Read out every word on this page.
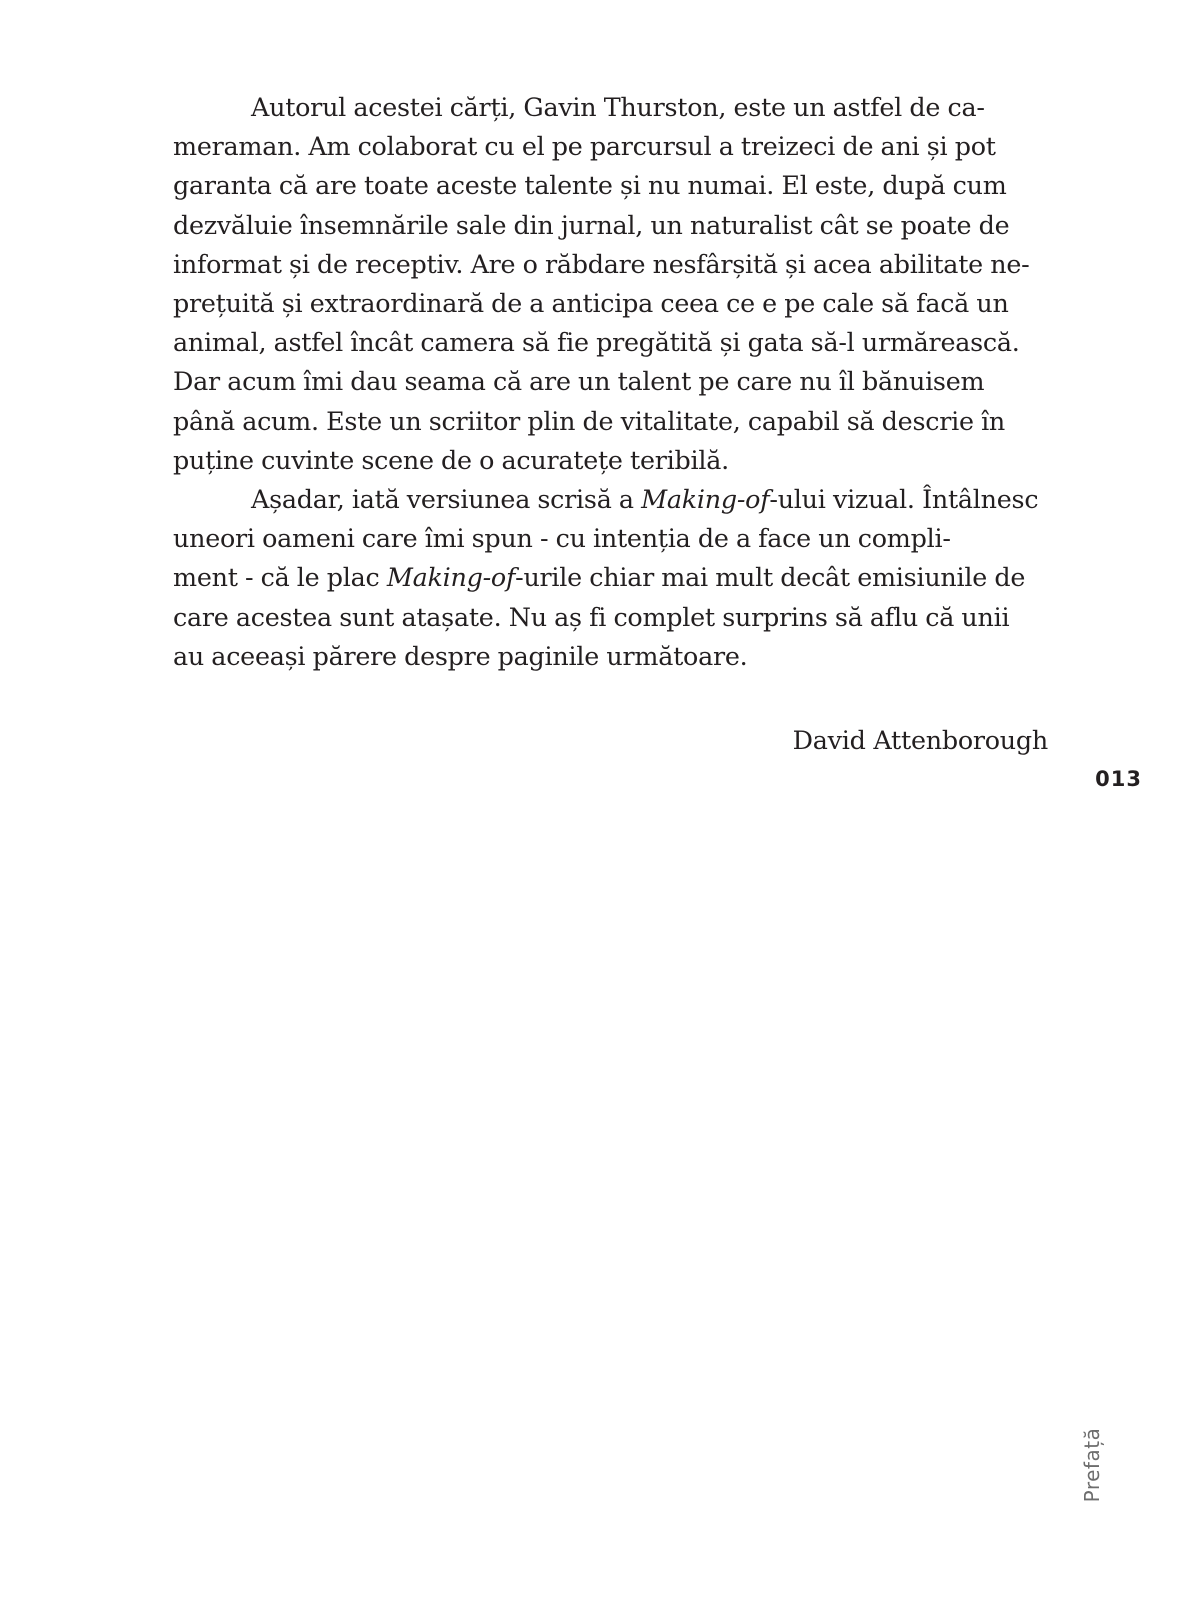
Autorul acestei cărți, Gavin Thurston, este un astfel de ca-
meraman. Am colaborat cu el pe parcursul a treizeci de ani și pot
garanta că are toate aceste talente și nu numai. El este, după cum
dezvăluie însemnările sale din jurnal, un naturalist cât se poate de
informat și de receptiv. Are o răbdare nesfârșită și acea abilitate ne-
prețuită și extraordinară de a anticipa ceea ce e pe cale să facă un
animal, astfel încât camera să fie pregătită și gata să-l urmărească.
Dar acum îmi dau seama că are un talent pe care nu îl bănuisem
până acum. Este un scriitor plin de vitalitate, capabil să descrie în
puține cuvinte scene de o acuratețe teribilă.
Așadar, iată versiunea scrisă a Making-of-ului vizual. Întâlnesc
uneori oameni care îmi spun - cu intenția de a face un compli-
ment - că le plac Making-of-urile chiar mai mult decât emisiunile de
care acestea sunt atașate. Nu aș fi complet surprins să aflu că unii
au aceeași părere despre paginile următoare.
David Attenborough
013
Prefață
